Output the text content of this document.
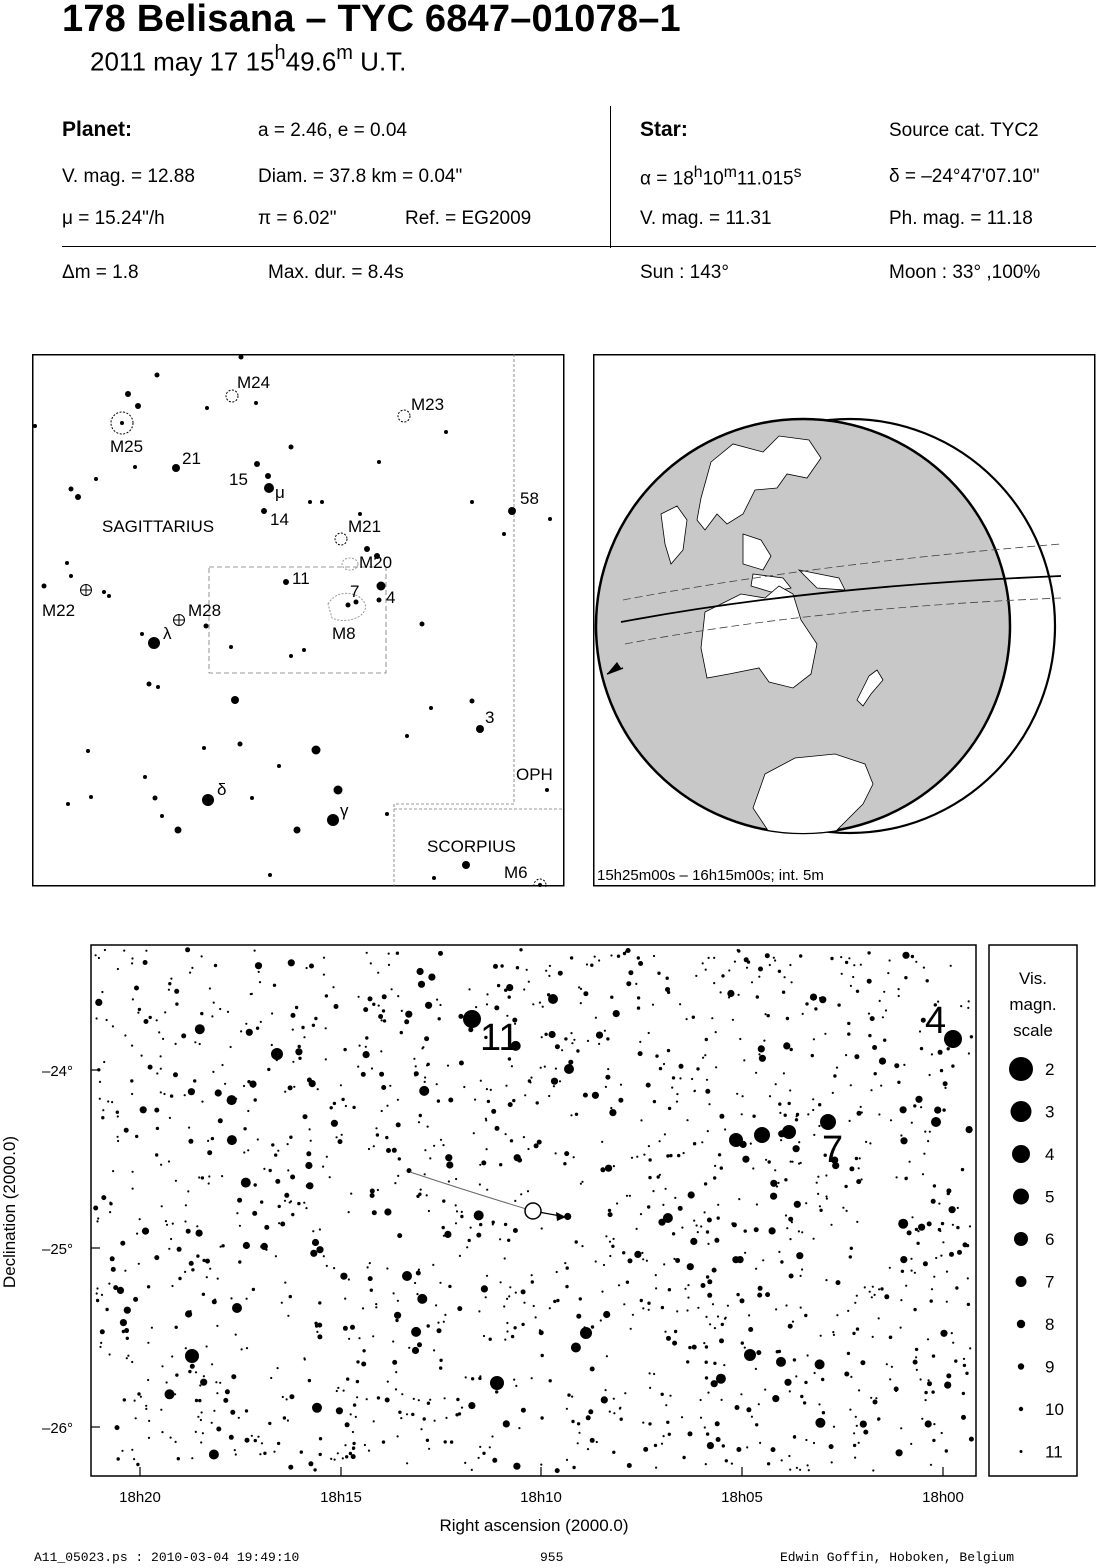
178 Belisana – TYC 6847–01078–1
2011 may 17 15$^h$49.6$^m$ U.T.
Planet:	a = 2.46, e = 0.04
V. mag. = 12.88	Diam. = 37.8 km = 0.04"
μ = 15.24"/h	π = 6.02"	Ref. = EG2009
Star:	Source cat. TYC2
$\alpha = 18^h10^m11.015^s$	δ = –24°47'07.10"
V. mag. = 11.31	Ph. mag. = 11.18
Δm = 1.8	Max. dur. = 8.4s	Sun : 143°	Moon : 33° ,100%
M24
M23
M25
21
15
μ
14
58
SAGITTARIUS	M21
M20
11
7 4
M22	M28
λ	M8
3
OPH
δ
γ
SCORPIUS
M6	15h25m00s – 16h15m00s; int. 5m
11	4
7
–24°
–25°
–26°
18h20	18h15	18h10	18h05	18h00
Right ascension (2000.0)
Declination (2000.0)
Vis.
magn.
scale
2
3
4
5
6
7
8
9
10
11
A11_05023.ps : 2010-03-04 19:49:10	955	Edwin Goffin, Hoboken, Belgium
